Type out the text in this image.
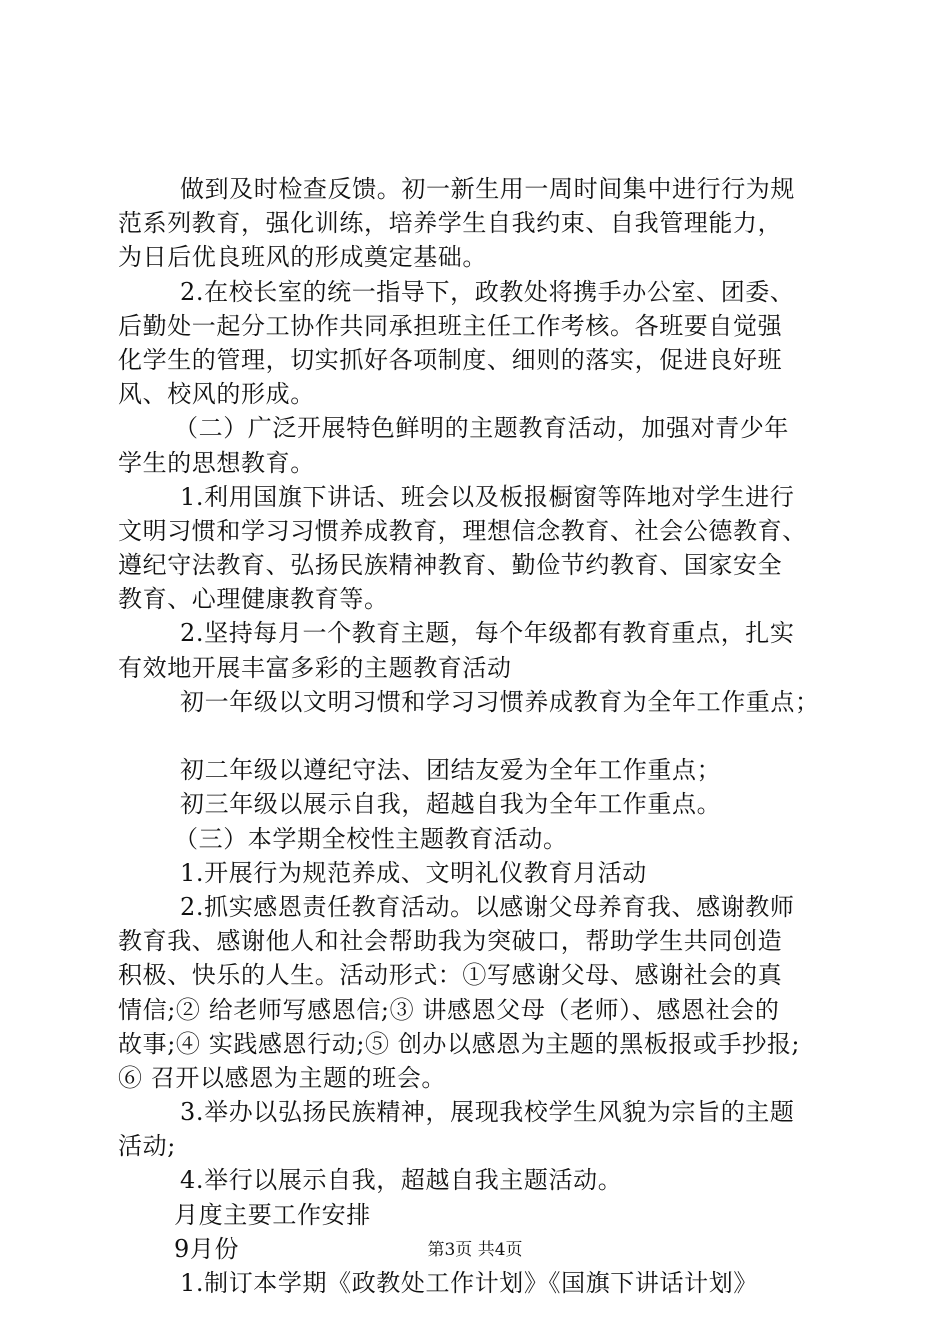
做到及时检查反馈。初一新生用一周时间集中进行行为规
范系列教育，强化训练，培养学生自我约束、自我管理能力，
为日后优良班风的形成奠定基础。
2.在校长室的统一指导下，政教处将携手办公室、团委、
后勤处一起分工协作共同承担班主任工作考核。各班要自觉强
化学生的管理，切实抓好各项制度、细则的落实，促进良好班
风、校风的形成。
（二）广泛开展特色鲜明的主题教育活动，加强对青少年
学生的思想教育。
1.利用国旗下讲话、班会以及板报橱窗等阵地对学生进行
文明习惯和学习习惯养成教育，理想信念教育、社会公德教育、
遵纪守法教育、弘扬民族精神教育、勤俭节约教育、国家安全
教育、心理健康教育等。
2.坚持每月一个教育主题，每个年级都有教育重点，扎实
有效地开展丰富多彩的主题教育活动
初一年级以文明习惯和学习习惯养成教育为全年工作重点；
初二年级以遵纪守法、团结友爱为全年工作重点；
初三年级以展示自我，超越自我为全年工作重点。
（三）本学期全校性主题教育活动。
1.开展行为规范养成、文明礼仪教育月活动
2.抓实感恩责任教育活动。以感谢父母养育我、感谢教师
教育我、感谢他人和社会帮助我为突破口，帮助学生共同创造
积极、快乐的人生。活动形式：①写感谢父母、感谢社会的真
情信;② 给老师写感恩信;③ 讲感恩父母（老师）、感恩社会的
故事;④ 实践感恩行动;⑤ 创办以感恩为主题的黑板报或手抄报;
⑥ 召开以感恩为主题的班会。
3.举办以弘扬民族精神，展现我校学生风貌为宗旨的主题
活动;
4.举行以展示自我，超越自我主题活动。
月度主要工作安排
9月份
1.制订本学期《政教处工作计划》《国旗下讲话计划》
第3页 共4页
